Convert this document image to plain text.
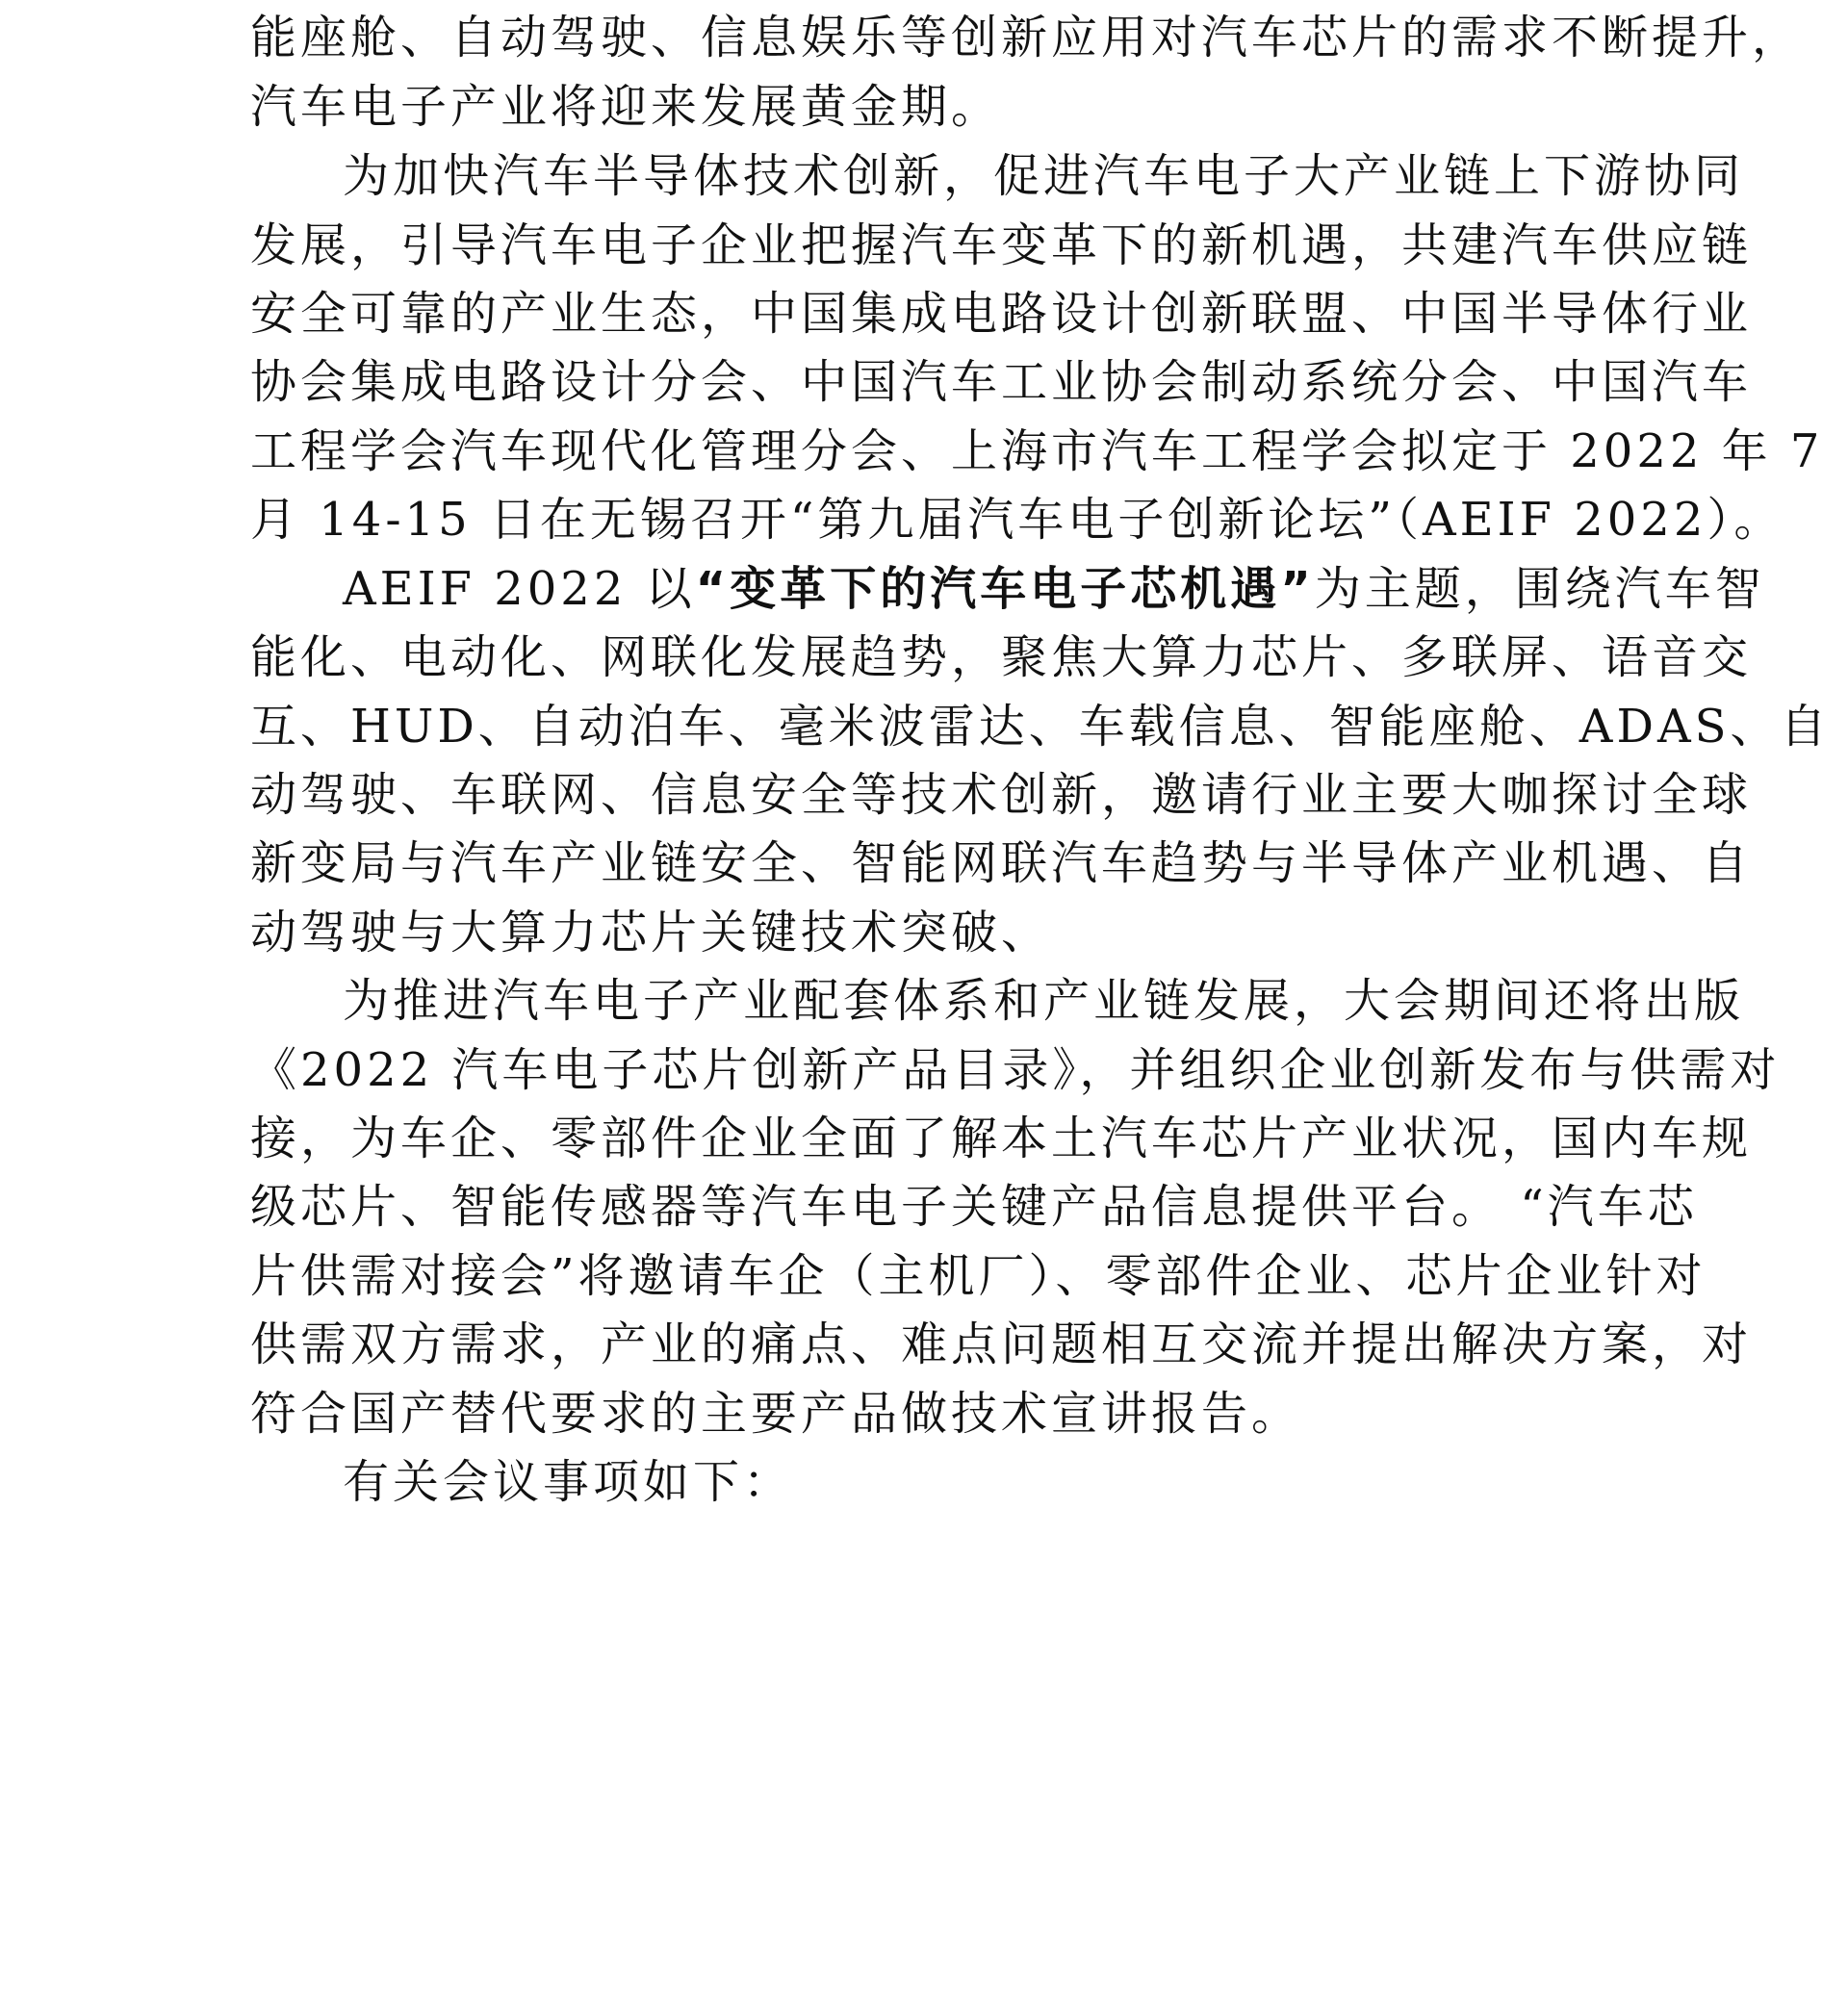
能座舱、自动驾驶、信息娱乐等创新应用对汽车芯片的需求不断提升，
汽车电子产业将迎来发展黄金期。
为加快汽车半导体技术创新，促进汽车电子大产业链上下游协同
发展，引导汽车电子企业把握汽车变革下的新机遇，共建汽车供应链
安全可靠的产业生态，中国集成电路设计创新联盟、中国半导体行业
协会集成电路设计分会、中国汽车工业协会制动系统分会、中国汽车
工程学会汽车现代化管理分会、上海市汽车工程学会拟定于 2022 年 7
月 14-15 日在无锡召开“第九届汽车电子创新论坛”（AEIF 2022）。
AEIF 2022 以“变革下的汽车电子芯机遇”为主题，围绕汽车智
能化、电动化、网联化发展趋势，聚焦大算力芯片、多联屏、语音交
互、HUD、自动泊车、毫米波雷达、车载信息、智能座舱、ADAS、自
动驾驶、车联网、信息安全等技术创新，邀请行业主要大咖探讨全球
新变局与汽车产业链安全、智能网联汽车趋势与半导体产业机遇、自
动驾驶与大算力芯片关键技术突破、
为推进汽车电子产业配套体系和产业链发展，大会期间还将出版
《2022 汽车电子芯片创新产品目录》，并组织企业创新发布与供需对
接，为车企、零部件企业全面了解本土汽车芯片产业状况，国内车规
级芯片、智能传感器等汽车电子关键产品信息提供平台。 “汽车芯
片供需对接会”将邀请车企（主机厂）、零部件企业、芯片企业针对
供需双方需求，产业的痛点、难点问题相互交流并提出解决方案，对
符合国产替代要求的主要产品做技术宣讲报告。
有关会议事项如下：
